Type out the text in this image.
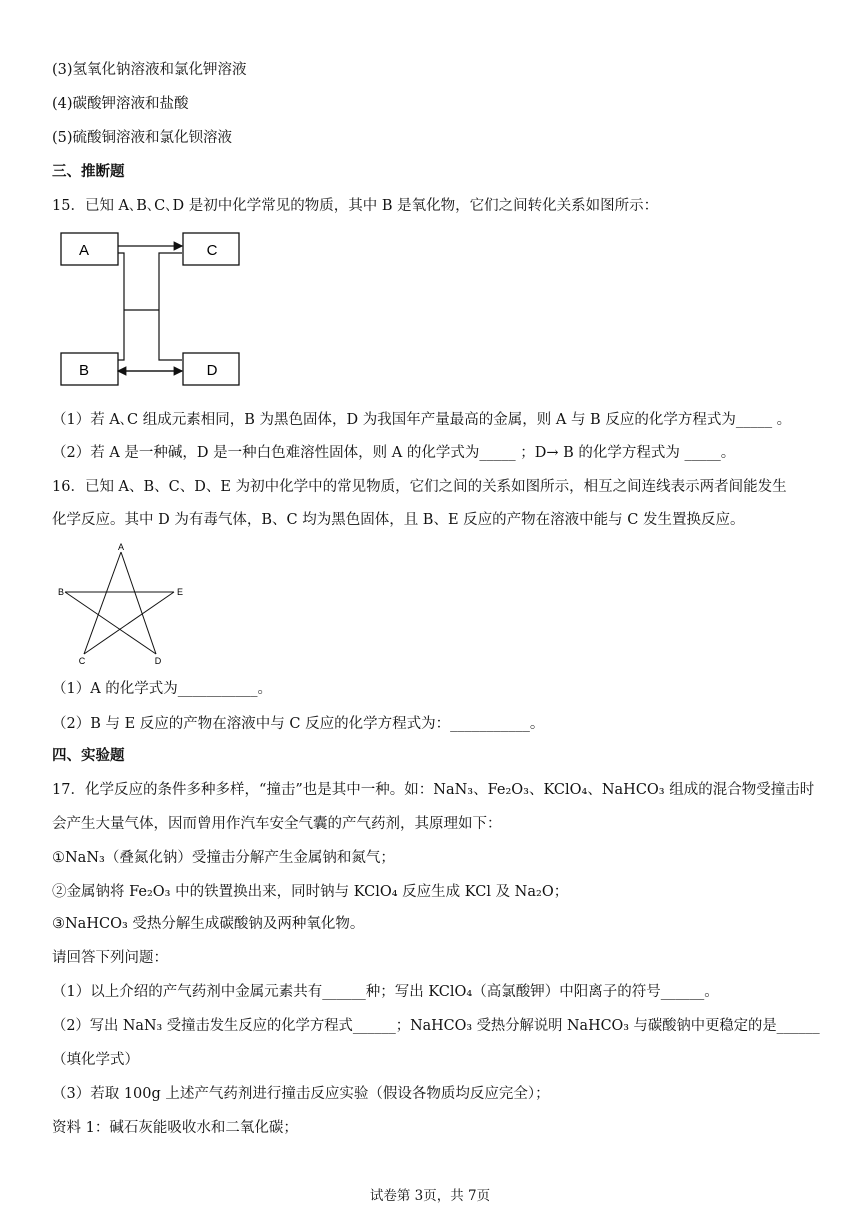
(3)氢氧化钠溶液和氯化钾溶液
(4)碳酸钾溶液和盐酸
(5)硫酸铜溶液和氯化钡溶液
三、推断题
15．已知 A､B､C､D 是初中化学常见的物质，其中 B 是氧化物，它们之间转化关系如图所示：
A	C
B	D
（1）若 A､C 组成元素相同，B 为黑色固体，D 为我国年产量最高的金属，则 A 与 B 反应的化学方程式为_____ 。
（2）若 A 是一种碱，D 是一种白色难溶性固体，则 A 的化学式为_____ ；D→ B 的化学方程式为 _____。
16．已知 A、B、C、D、E 为初中化学中的常见物质，它们之间的关系如图所示，相互之间连线表示两者间能发生
化学反应。其中 D 为有毒气体，B、C 均为黑色固体，且 B、E 反应的产物在溶液中能与 C 发生置换反应。
A
B	E
C	D
（1）A 的化学式为___________。
（2）B 与 E 反应的产物在溶液中与 C 反应的化学方程式为：___________。
四、实验题
17．化学反应的条件多种多样，“撞击”也是其中一种。如：NaN₃、Fe₂O₃、KClO₄、NaHCO₃ 组成的混合物受撞击时
会产生大量气体，因而曾用作汽车安全气囊的产气药剂，其原理如下：
①NaN₃（叠氮化钠）受撞击分解产生金属钠和氮气；
②金属钠将 Fe₂O₃ 中的铁置换出来，同时钠与 KClO₄ 反应生成 KCl 及 Na₂O；
③NaHCO₃ 受热分解生成碳酸钠及两种氧化物。
请回答下列问题：
（1）以上介绍的产气药剂中金属元素共有______种；写出 KClO₄（高氯酸钾）中阳离子的符号______。
（2）写出 NaN₃ 受撞击发生反应的化学方程式______；NaHCO₃ 受热分解说明 NaHCO₃ 与碳酸钠中更稳定的是______
（填化学式）
（3）若取 100g 上述产气药剂进行撞击反应实验（假设各物质均反应完全）；
资料 1：碱石灰能吸收水和二氧化碳；
试卷第 3页，共 7页
